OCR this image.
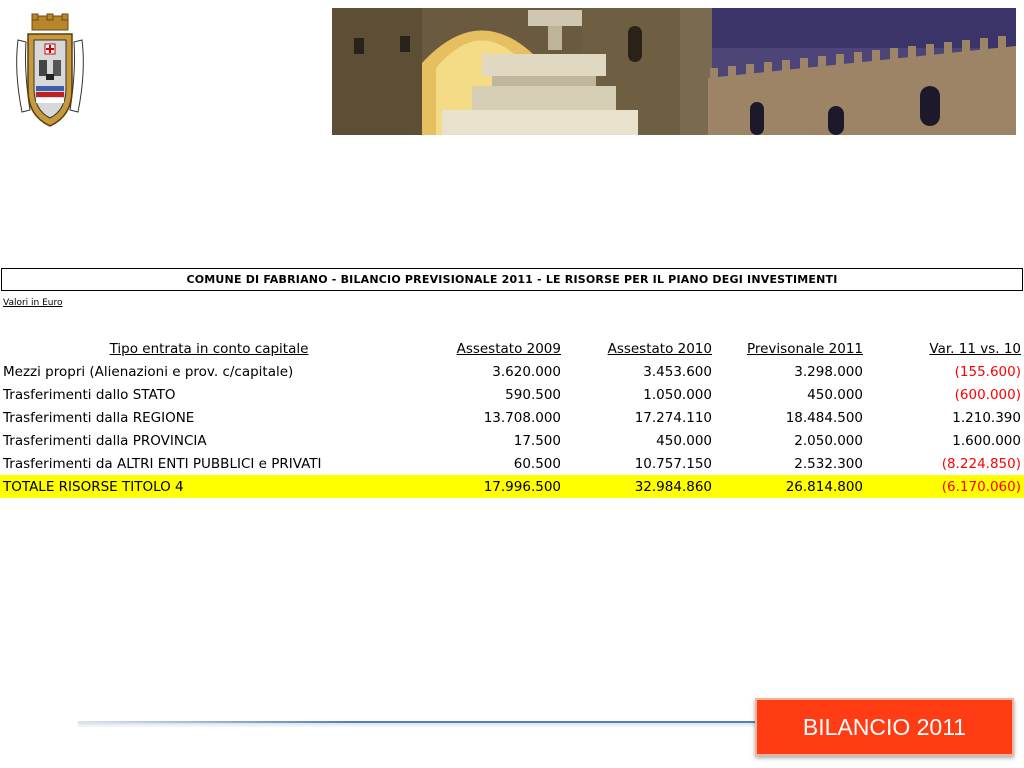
COMUNE DI FABRIANO - BILANCIO PREVISIONALE 2011 - LE RISORSE PER IL PIANO DEGI INVESTIMENTI
Valori in Euro
Tipo entrata in conto capitale	Assestato 2009	Assestato 2010	Previsonale 2011	Var. 11 vs. 10
Mezzi propri (Alienazioni e prov. c/capitale)	3.620.000	3.453.600	3.298.000	(155.600)
Trasferimenti dallo STATO	590.500	1.050.000	450.000	(600.000)
Trasferimenti dalla REGIONE	13.708.000	17.274.110	18.484.500	1.210.390
Trasferimenti dalla PROVINCIA	17.500	450.000	2.050.000	1.600.000
Trasferimenti da ALTRI ENTI PUBBLICI e PRIVATI	60.500	10.757.150	2.532.300	(8.224.850)
TOTALE RISORSE TITOLO 4	17.996.500	32.984.860	26.814.800	(6.170.060)
BILANCIO 2011
